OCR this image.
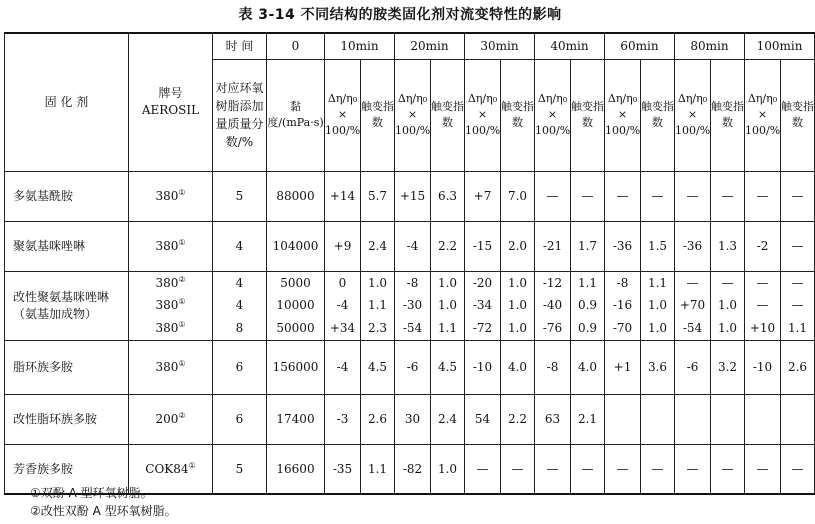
表 3-14 不同结构的胺类固化剂对流变特性的影响
固 化 剂	牌号 AEROSIL	时 间	0	10min		20min		30min		40min		60min		80min		100min	
		对应环氧树脂添加量质量分数/%	黏度/(mPa·s)	Δη/η₀ × 100/%	触变指数	Δη/η₀ × 100/%	触变指数	Δη/η₀ × 100/%	触变指数	Δη/η₀ × 100/%	触变指数	Δη/η₀ × 100/%	触变指数	Δη/η₀ × 100/%	触变指数	Δη/η₀ × 100/%	触变指数
多氨基酰胺	380①	5	88000	+14	5.7	+15	6.3	+7	7.0	—	—	—	—	—	—	—	—
聚氨基咪唑啉	380①	4	104000	+9	2.4	-4	2.2	-15	2.0	-21	1.7	-36	1.5	-36	1.3	-2	—
改性聚氨基咪唑啉（氨基加成物）	380②	4	5000	0	1.0	-8	1.0	-20	1.0	-12	1.1	-8	1.1	—	—	—	—
	380①	4	10000	-4	1.1	-30	1.0	-34	1.0	-40	0.9	-16	1.0	+70	1.0	—	—
	380①	8	50000	+34	2.3	-54	1.1	-72	1.0	-76	0.9	-70	1.0	-54	1.0	+10	1.1
脂环族多胺	380①	6	156000	-4	4.5	-6	4.5	-10	4.0	-8	4.0	+1	3.6	-6	3.2	-10	2.6
改性脂环族多胺	200②	6	17400	-3	2.6	30	2.4	54	2.2	63	2.1						
芳香族多胺	COK84①	5	16600	-35	1.1	-82	1.0	—	—	—	—	—	—	—	—	—	—
①双酚 A 型环氧树脂。
②改性双酚 A 型环氧树脂。
